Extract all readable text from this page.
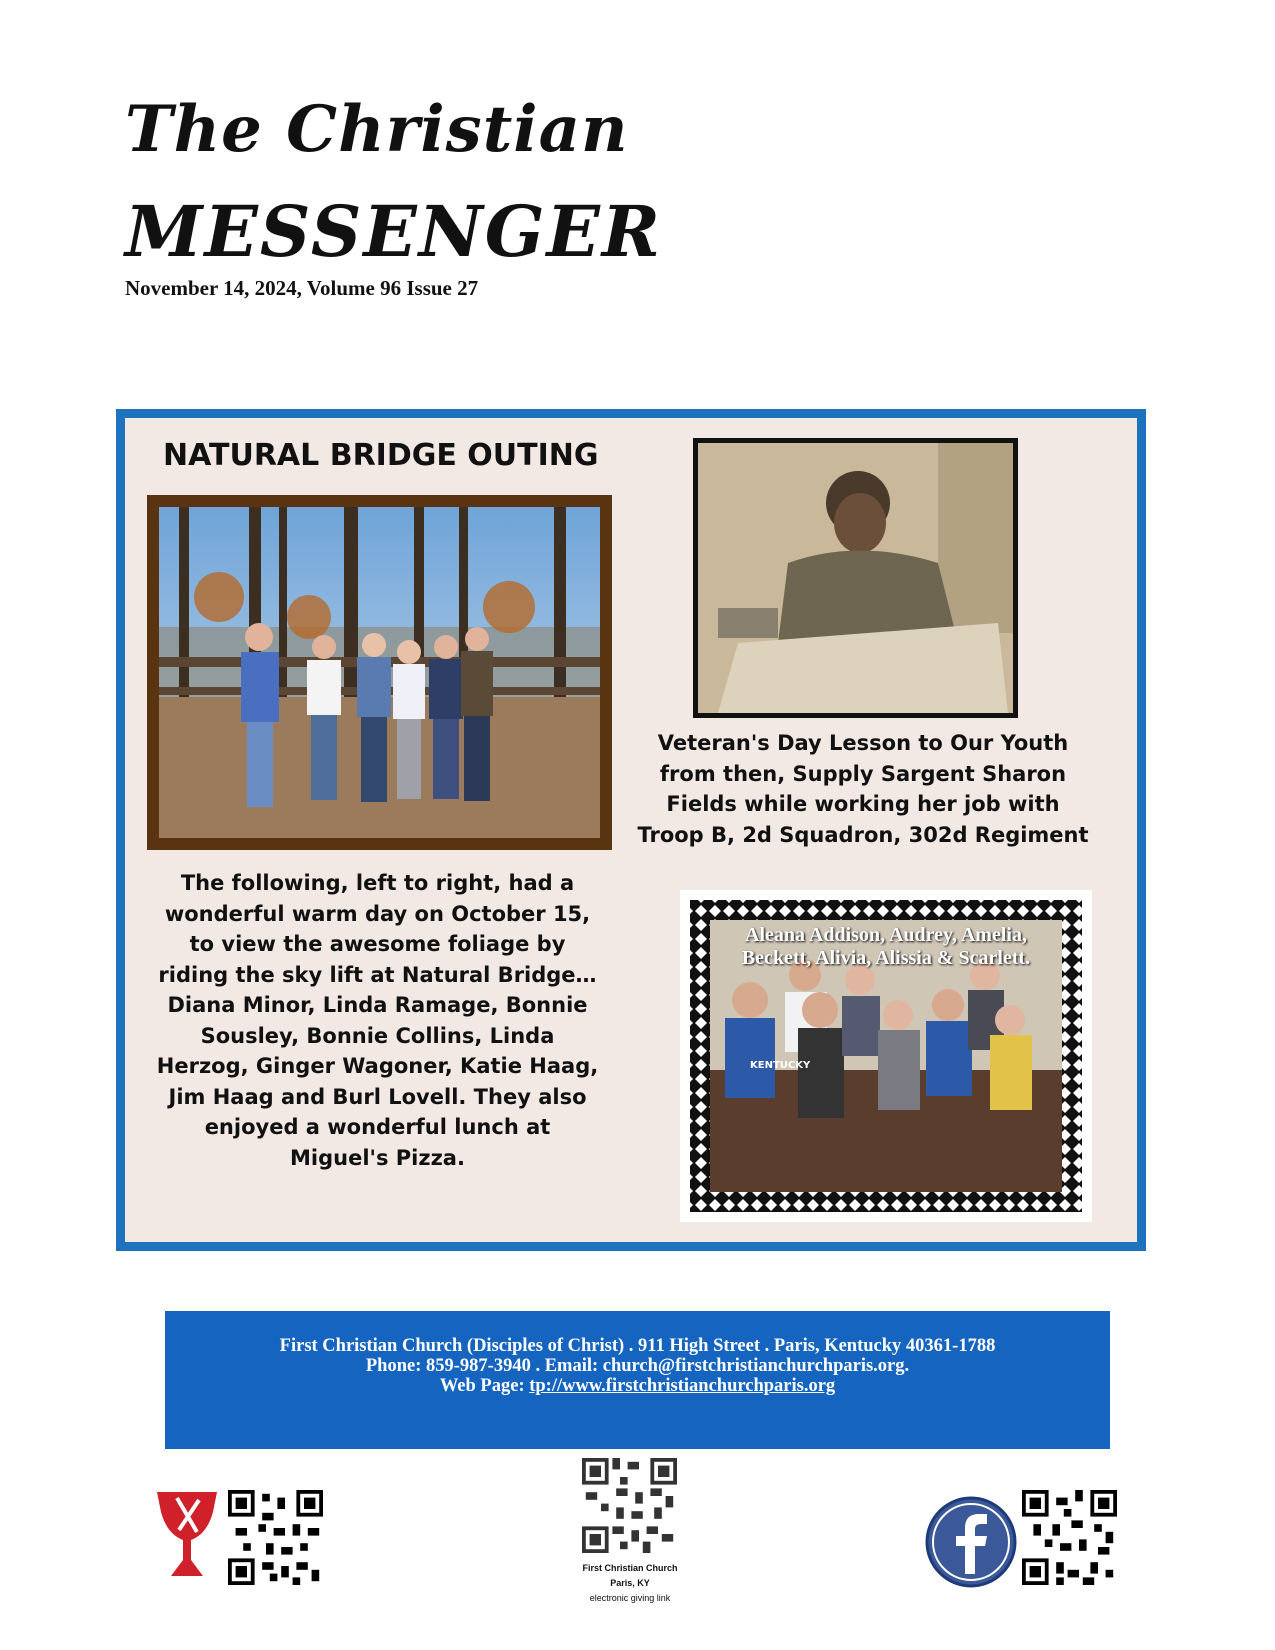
The Christian
MESSENGER
November 14, 2024, Volume 96 Issue 27
NATURAL BRIDGE OUTING
The following, left to right, had a wonderful warm day on October 15, to view the awesome foliage by riding the sky lift at Natural Bridge… Diana Minor, Linda Ramage, Bonnie Sousley, Bonnie Collins, Linda Herzog, Ginger Wagoner, Katie Haag, Jim Haag and Burl Lovell. They also enjoyed a wonderful lunch at Miguel's Pizza.
Veteran's Day Lesson to Our Youth from then, Supply Sargent Sharon Fields while working her job with Troop B, 2d Squadron, 302d Regiment
KENTUCKY
Aleana Addison, Audrey, Amelia,
Beckett, Alivia, Alissia & Scarlett.
First Christian Church (Disciples of Christ) . 911 High Street . Paris, Kentucky 40361-1788
Phone: 859-987-3940 . Email: church@firstchristianchurchparis.org.
Web Page: tp://www.firstchristianchurchparis.org
First Christian Church
Paris, KY
electronic giving link
